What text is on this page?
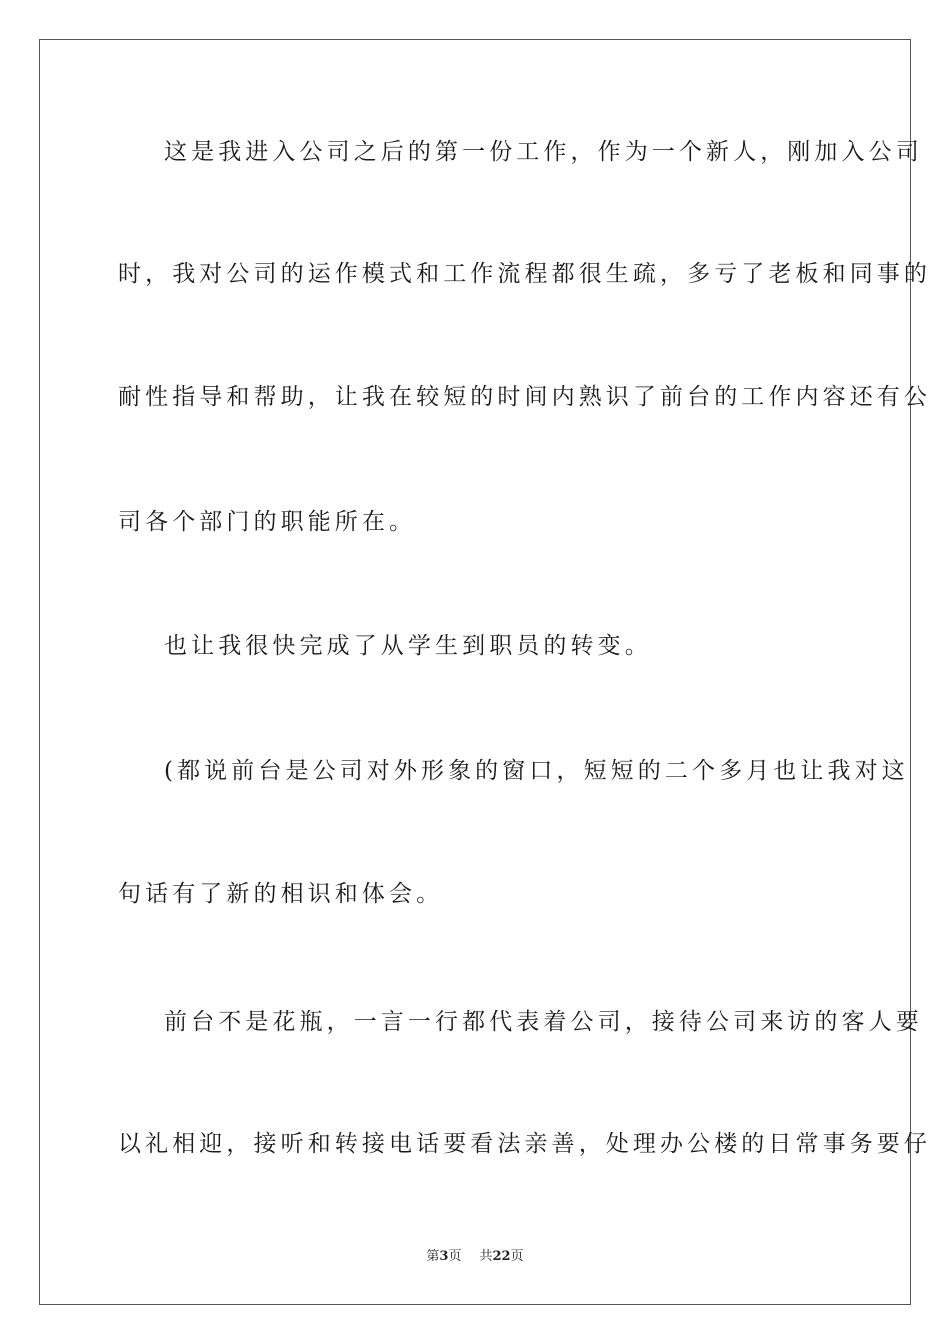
这是我进入公司之后的第一份工作，作为一个新人，刚加入公司
时，我对公司的运作模式和工作流程都很生疏，多亏了老板和同事的
耐性指导和帮助，让我在较短的时间内熟识了前台的工作内容还有公
司各个部门的职能所在。
也让我很快完成了从学生到职员的转变。
(都说前台是公司对外形象的窗口，短短的二个多月也让我对这
句话有了新的相识和体会。
前台不是花瓶，一言一行都代表着公司，接待公司来访的客人要
以礼相迎，接听和转接电话要看法亲善，处理办公楼的日常事务要仔
第3页 共22页
